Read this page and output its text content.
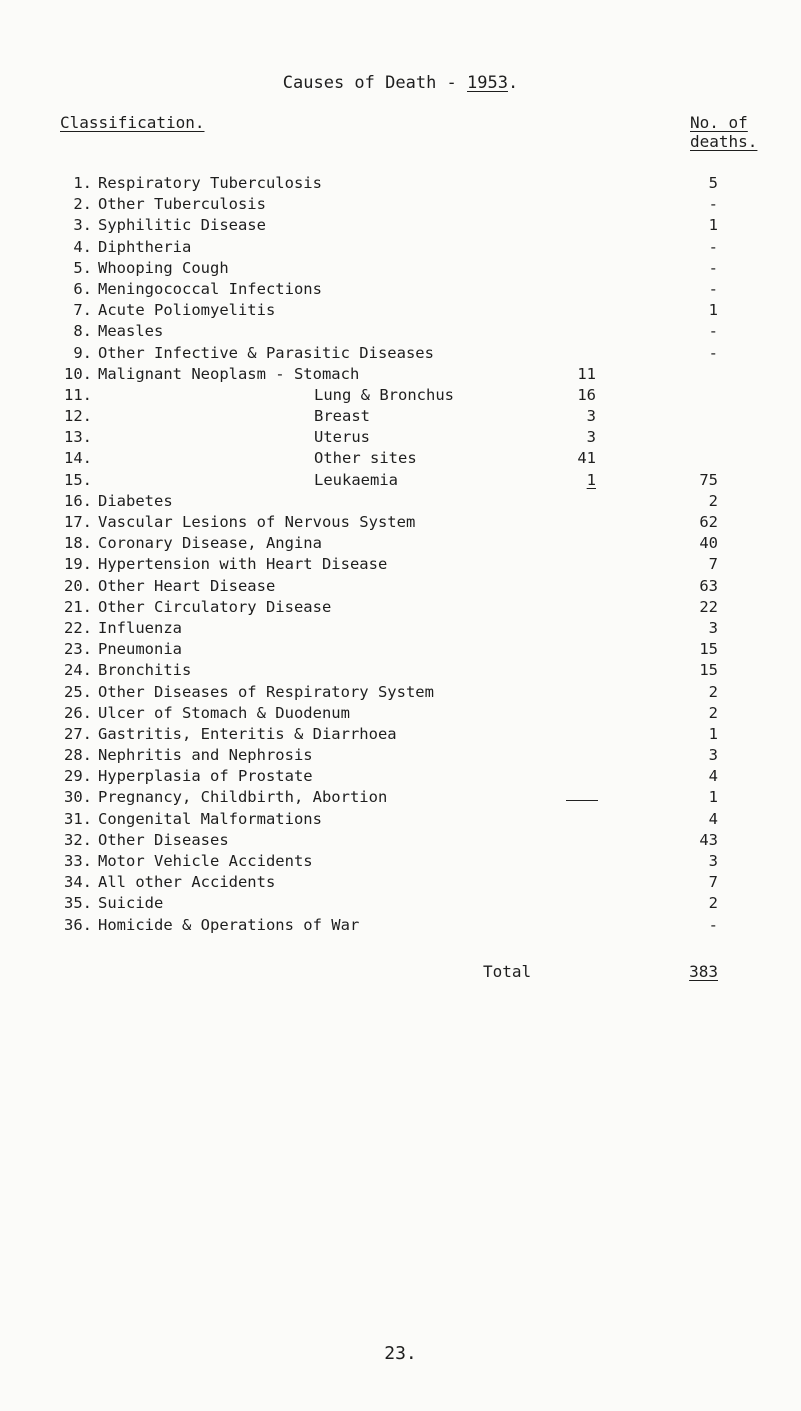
Causes of Death - 1953.
Classification.	No. of
deaths.
1. Respiratory Tuberculosis	5
2. Other Tuberculosis	-
3. Syphilitic Disease	1
4. Diphtheria	-
5. Whooping Cough	-
6. Meningococcal Infections	-
7. Acute Poliomyelitis	1
8. Measles	-
9. Other Infective & Parasitic Diseases	-
10. Malignant Neoplasm - Stomach	11
11.	Lung & Bronchus	16
12.	Breast	3
13.	Uterus	3
14.	Other sites	41
15.	Leukaemia	1	75
16. Diabetes	2
17. Vascular Lesions of Nervous System	62
18. Coronary Disease, Angina	40
19. Hypertension with Heart Disease	7
20. Other Heart Disease	63
21. Other Circulatory Disease	22
22. Influenza	3
23. Pneumonia	15
24. Bronchitis	15
25. Other Diseases of Respiratory System	2
26. Ulcer of Stomach & Duodenum	2
27. Gastritis, Enteritis & Diarrhoea	1
28. Nephritis and Nephrosis	3
29. Hyperplasia of Prostate	4
30. Pregnancy, Childbirth, Abortion	1
31. Congenital Malformations	4
32. Other Diseases	43
33. Motor Vehicle Accidents	3
34. All other Accidents	7
35. Suicide	2
36. Homicide & Operations of War	-
Total	383
23.
